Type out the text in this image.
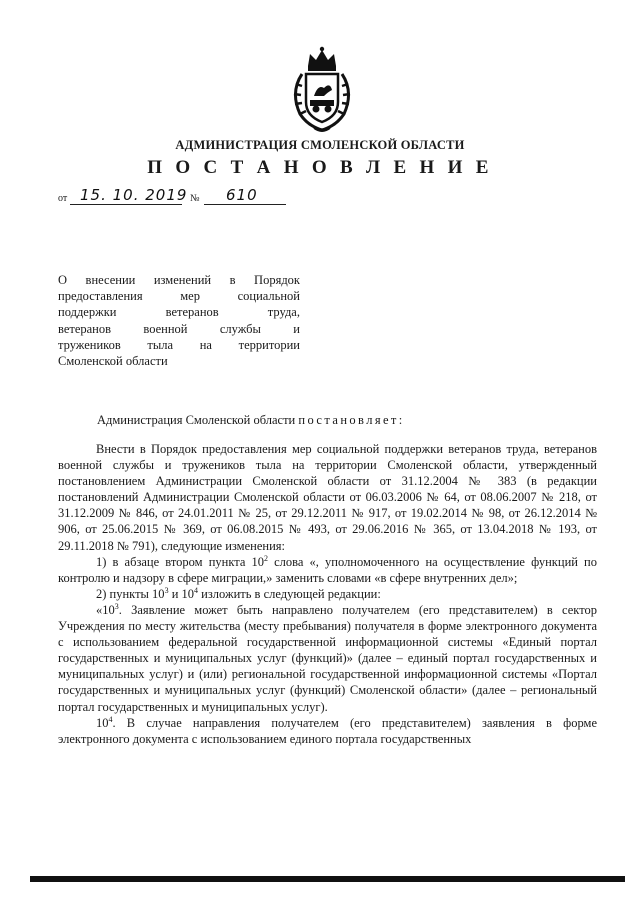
АДМИНИСТРАЦИЯ СМОЛЕНСКОЙ ОБЛАСТИ
П О С Т А Н О В Л Е Н И Е
от 15. 10. 2019 № 610
О внесении изменений в Порядок
предоставления мер социальной
поддержки ветеранов труда,
ветеранов военной службы и
тружеников тыла на территории
Смоленской области
Администрация Смоленской области постановляет:

Внести в Порядок предоставления мер социальной поддержки ветеранов труда, ветеранов военной службы и тружеников тыла на территории Смоленской области, утвержденный постановлением Администрации Смоленской области от 31.12.2004 № 383 (в редакции постановлений Администрации Смоленской области от 06.03.2006 № 64, от 08.06.2007 № 218, от 31.12.2009 № 846, от 24.01.2011 № 25, от 29.12.2011 № 917, от 19.02.2014 № 98, от 26.12.2014 № 906, от 25.06.2015 № 369, от 06.08.2015 № 493, от 29.06.2016 № 365, от 13.04.2018 № 193, от 29.11.2018 № 791), следующие изменения:

1) в абзаце втором пункта $10^2$ слова «, уполномоченного на осуществление функций по контролю и надзору в сфере миграции,» заменить словами «в сфере внутренних дел»;

2) пункты $10^3$ и $10^4$ изложить в следующей редакции:

«$10^3$. Заявление может быть направлено получателем (его представителем) в сектор Учреждения по месту жительства (месту пребывания) получателя в форме электронного документа с использованием федеральной государственной информационной системы «Единый портал государственных и муниципальных услуг (функций)» (далее – единый портал государственных и муниципальных услуг) и (или) региональной государственной информационной системы «Портал государственных и муниципальных услуг (функций) Смоленской области» (далее – региональный портал государственных и муниципальных услуг).

$10^4$. В случае направления получателем (его представителем) заявления в форме электронного документа с использованием единого портала государственных
